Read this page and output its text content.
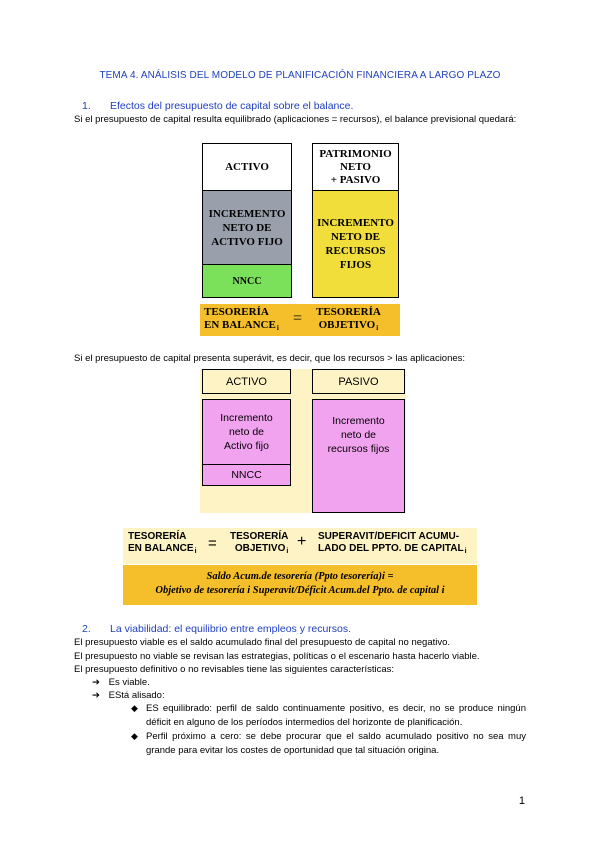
TEMA 4. ANÁLISIS DEL MODELO DE PLANIFICACIÓN FINANCIERA A LARGO PLAZO
1. Efectos del presupuesto de capital sobre el balance.
Si el presupuesto de capital resulta equilibrado (aplicaciones = recursos), el balance previsional quedará:
ACTIVO
INCREMENTO
NETO DE
ACTIVO FIJO
NNCC
PATRIMONIO
NETO
+ PASIVO
INCREMENTO
NETO DE
RECURSOS
FIJOS
TESORERÍA
EN $BALANCE_i$
= TESORERÍA
$OBJETIVO_i$
Si el presupuesto de capital presenta superávit, es decir, que los recursos > las aplicaciones:
ACTIVO
Incremento
neto de
Activo fijo
NNCC
PASIVO
Incremento
neto de
recursos fijos
TESORERÍA
EN $BALANCE_i$ = TESORERÍA
$OBJETIVO_i$
+ SUPERAVIT/DEFICIT ACUMU-
LADO DEL PPTO. DE $CAPITAL_i$
Saldo Acum.de tesorería (Ppto tesorería)i =
Objetivo de tesorería i Superavit/Déficit Acum.del Ppto. de capital i
2. La viabilidad: el equilibrio entre empleos y recursos.
El presupuesto viable es el saldo acumulado final del presupuesto de capital no negativo.
El presupuesto no viable se revisan las estrategias, políticas o el escenario hasta hacerlo viable.
El presupuesto definitivo o no revisables tiene las siguientes características:
➔ Es viable.
➔ EStá alisado:
◆ ES equilibrado: perfil de saldo continuamente positivo, es decir, no se produce ningún déficit en alguno de los períodos intermedios del horizonte de planificación.
◆ Perfil próximo a cero: se debe procurar que el saldo acumulado positivo no sea muy grande para evitar los costes de oportunidad que tal situación origina.
1
